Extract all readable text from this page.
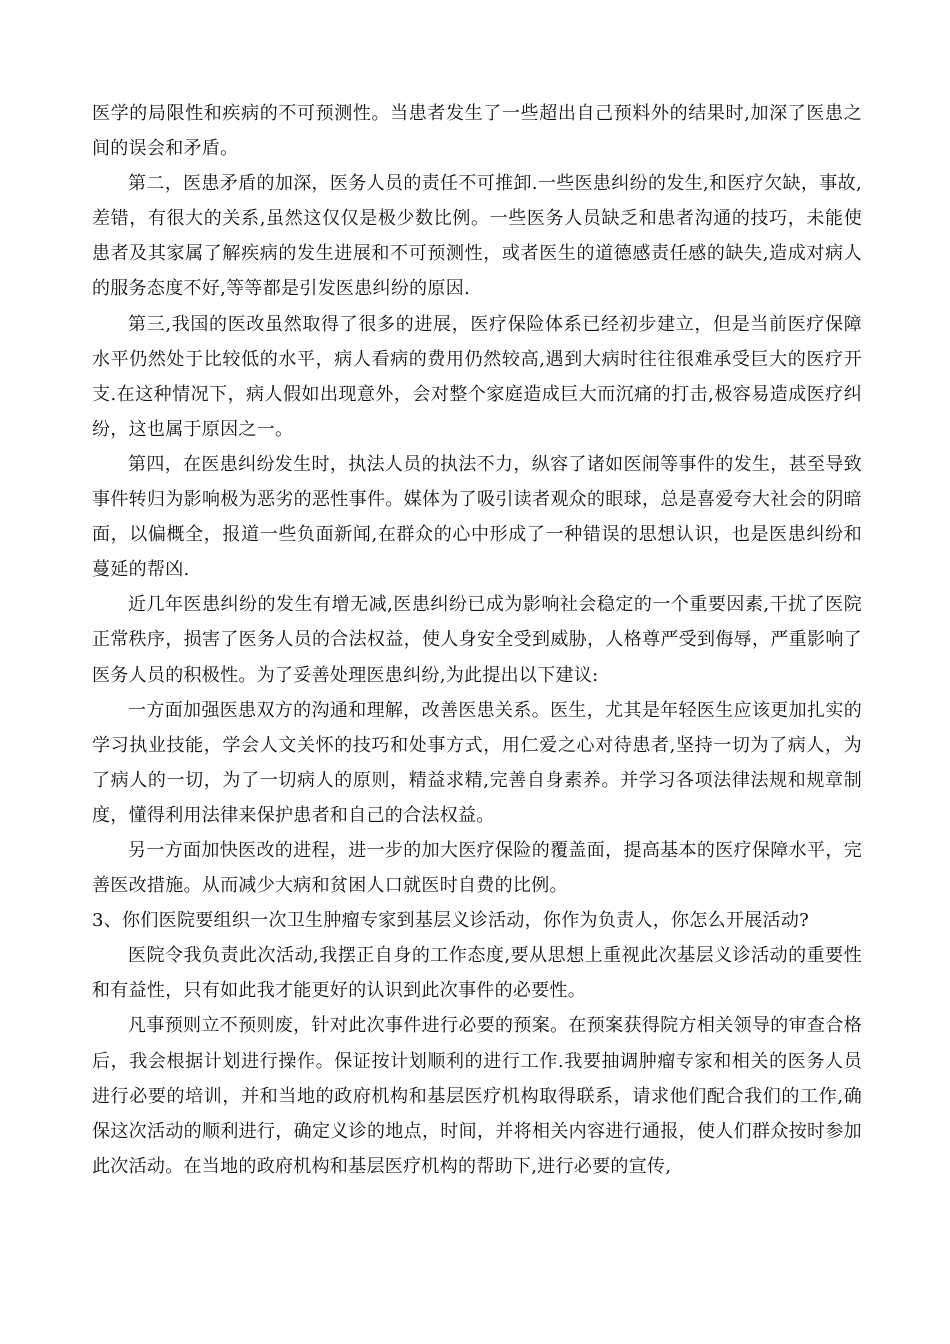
医学的局限性和疾病的不可预测性。当患者发生了一些超出自己预料外的结果时,加深了医患之间的误会和矛盾。

第二，医患矛盾的加深，医务人员的责任不可推卸.一些医患纠纷的发生,和医疗欠缺，事故,差错，有很大的关系,虽然这仅仅是极少数比例。一些医务人员缺乏和患者沟通的技巧，未能使患者及其家属了解疾病的发生进展和不可预测性，或者医生的道德感责任感的缺失,造成对病人的服务态度不好,等等都是引发医患纠纷的原因.

第三,我国的医改虽然取得了很多的进展，医疗保险体系已经初步建立，但是当前医疗保障水平仍然处于比较低的水平，病人看病的费用仍然较高,遇到大病时往往很难承受巨大的医疗开支.在这种情况下，病人假如出现意外，会对整个家庭造成巨大而沉痛的打击,极容易造成医疗纠纷，这也属于原因之一。

第四，在医患纠纷发生时，执法人员的执法不力，纵容了诸如医闹等事件的发生，甚至导致事件转归为影响极为恶劣的恶性事件。媒体为了吸引读者观众的眼球，总是喜爱夸大社会的阴暗面，以偏概全，报道一些负面新闻,在群众的心中形成了一种错误的思想认识，也是医患纠纷和蔓延的帮凶.

近几年医患纠纷的发生有增无减,医患纠纷已成为影响社会稳定的一个重要因素,干扰了医院正常秩序，损害了医务人员的合法权益，使人身安全受到威胁，人格尊严受到侮辱，严重影响了医务人员的积极性。为了妥善处理医患纠纷,为此提出以下建议:

一方面加强医患双方的沟通和理解，改善医患关系。医生，尤其是年轻医生应该更加扎实的学习执业技能，学会人文关怀的技巧和处事方式，用仁爱之心对待患者,坚持一切为了病人，为了病人的一切，为了一切病人的原则，精益求精,完善自身素养。并学习各项法律法规和规章制度，懂得利用法律来保护患者和自己的合法权益。

另一方面加快医改的进程，进一步的加大医疗保险的覆盖面，提高基本的医疗保障水平，完善医改措施。从而减少大病和贫困人口就医时自费的比例。

3、你们医院要组织一次卫生肿瘤专家到基层义诊活动，你作为负责人，你怎么开展活动?

医院令我负责此次活动,我摆正自身的工作态度,要从思想上重视此次基层义诊活动的重要性和有益性，只有如此我才能更好的认识到此次事件的必要性。

凡事预则立不预则废，针对此次事件进行必要的预案。在预案获得院方相关领导的审查合格后，我会根据计划进行操作。保证按计划顺利的进行工作.我要抽调肿瘤专家和相关的医务人员进行必要的培训，并和当地的政府机构和基层医疗机构取得联系，请求他们配合我们的工作,确保这次活动的顺利进行，确定义诊的地点，时间，并将相关内容进行通报，使人们群众按时参加此次活动。在当地的政府机构和基层医疗机构的帮助下,进行必要的宣传,
